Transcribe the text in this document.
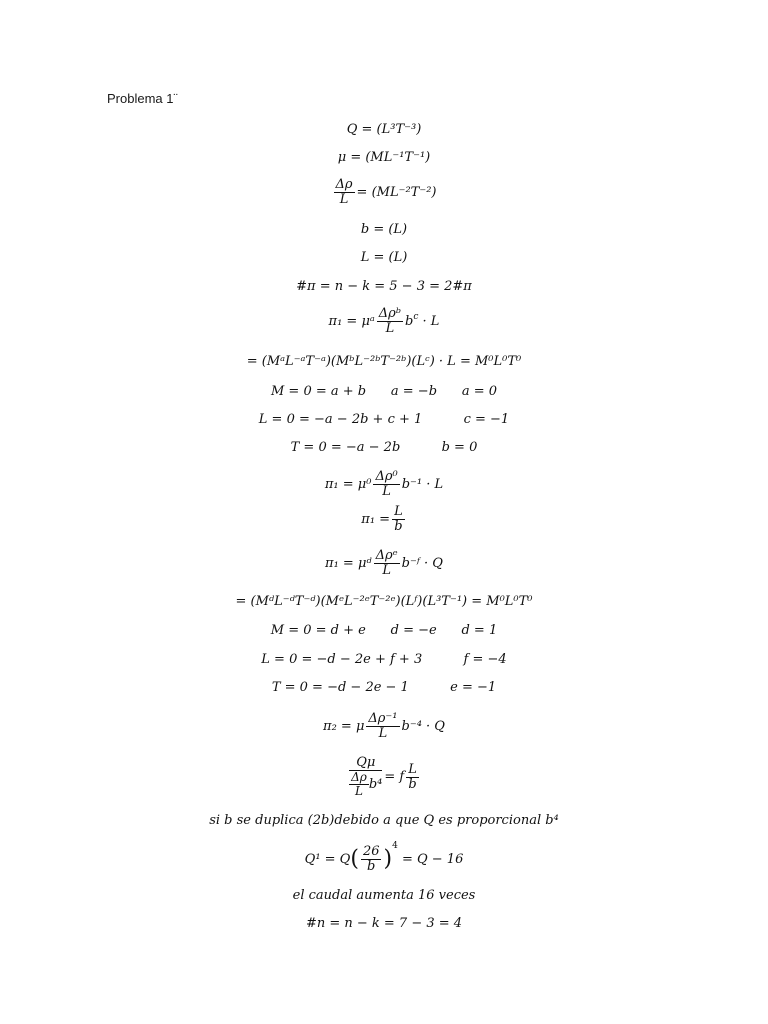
Problema 1¨
Q = (L³T⁻³)
μ = (ML⁻¹T⁻¹)
$\frac{\Delta\rho}{L} = (ML^{-2}T^{-2})$
b = (L)
L = (L)
#π = n − k = 5 − 3 = 2#π
π₁ = μᵃ $\frac{\text{Δρᵇ}}{L} b^c \cdot L$
= (MᵃL⁻ᵃT⁻ᵃ)(MᵇL⁻²ᵇT⁻²ᵇ)(Lᶜ) · L = M⁰L⁰T⁰
M = 0 = a + b      a = −b      a = 0
L = 0 = −a − 2b + c + 1          c = −1
T = 0 = −a − 2b          b = 0
$\pi_1 = \mu^0 \frac{\text{Δρ⁰}}{L} b^{-1} \cdot L$
$\pi_1 = \frac{L}{b}$
π₁ = μᵈ $\frac{\text{Δρᵉ}}{L}$ b⁻ᶠ · Q
= (MᵈL⁻ᵈT⁻ᵈ)(MᵉL⁻²ᵉT⁻²ᵉ)(Lᶠ)(L³T⁻¹) = M⁰L⁰T⁰
M = 0 = d + e      d = −e      d = 1
L = 0 = −d − 2e + f + 3          f = −4
T = 0 = −d − 2e − 1          e = −1
π₂ = μ $\frac{\text{Δρ⁻¹}}{L} b^{-4} \cdot Q$
$\frac{Q\mu}{\frac{\Delta\rho}{L} b^4} = f \frac{L}{b}$
si b se duplica (2b)debido a que Q es proporcional b⁴
$Q^1 = Q( \frac{26}{b} )^4 = Q - 16$
el caudal aumenta 16 veces
#n = n − k = 7 − 3 = 4
